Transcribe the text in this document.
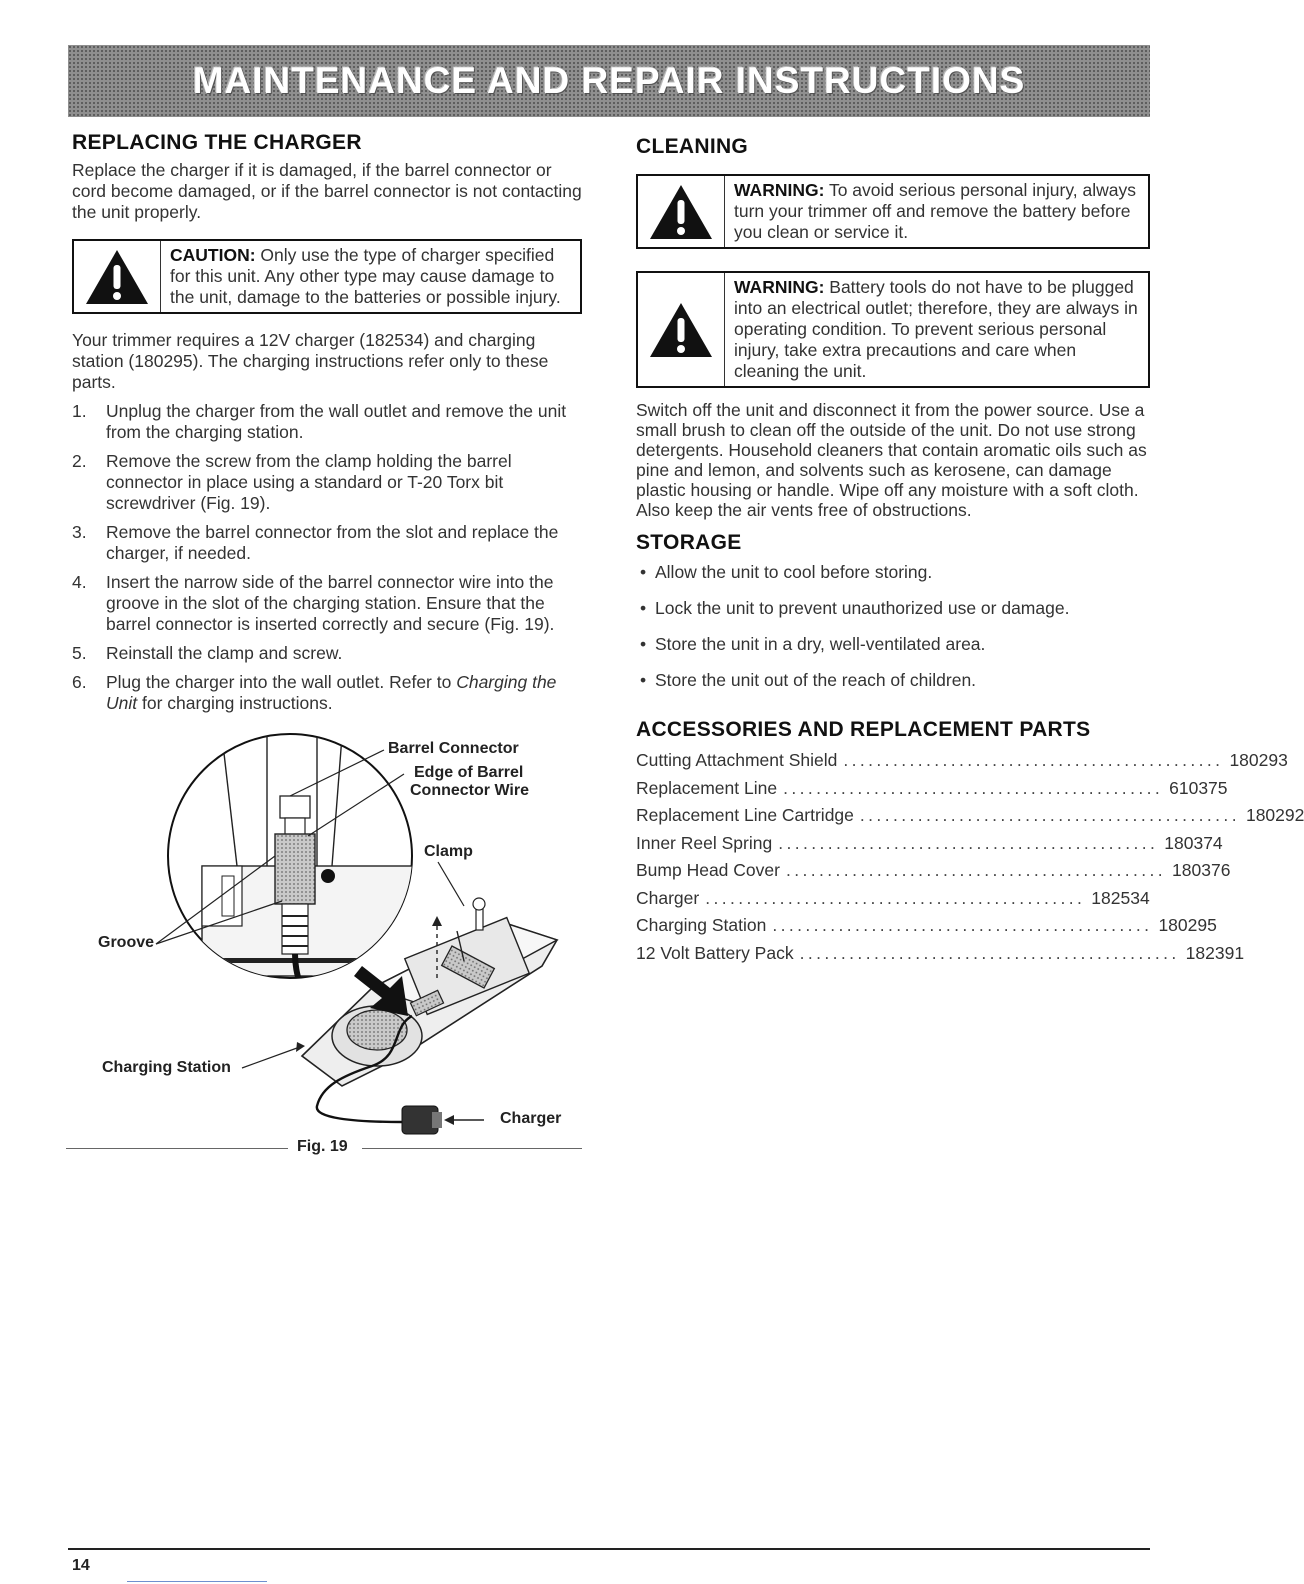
MAINTENANCE AND REPAIR INSTRUCTIONS
REPLACING THE CHARGER

Replace the charger if it is damaged, if the barrel connector or cord become damaged, or if the barrel connector is not contacting the unit properly.

CAUTION: Only use the type of charger specified for this unit. Any other type may cause damage to the unit, damage to the batteries or possible injury.

Your trimmer requires a 12V charger (182534) and charging station (180295). The charging instructions refer only to these parts.

1. Unplug the charger from the wall outlet and remove the unit from the charging station.
2. Remove the screw from the clamp holding the barrel connector in place using a standard or T-20 Torx bit screwdriver (Fig. 19).
3. Remove the barrel connector from the slot and replace the charger, if needed.
4. Insert the narrow side of the barrel connector wire into the groove in the slot of the charging station. Ensure that the barrel connector is inserted correctly and secure (Fig. 19).
5. Reinstall the clamp and screw.
6. Plug the charger into the wall outlet. Refer to Charging the Unit for charging instructions.
Barrel Connector
Edge of Barrel
Connector Wire
Clamp
Groove
Charging Station
Charger
Fig. 19
CLEANING
WARNING: To avoid serious personal injury, always turn your trimmer off and remove the battery before you clean or service it.
WARNING: Battery tools do not have to be plugged into an electrical outlet; therefore, they are always in operating condition. To prevent serious personal injury, take extra precautions and care when cleaning the unit.

Switch off the unit and disconnect it from the power source. Use a small brush to clean off the outside of the unit. Do not use strong detergents. Household cleaners that contain aromatic oils such as pine and lemon, and solvents such as kerosene, can damage plastic housing or handle. Wipe off any moisture with a soft cloth. Also keep the air vents free of obstructions.

STORAGE
• Allow the unit to cool before storing.
• Lock the unit to prevent unauthorized use or damage.
• Store the unit in a dry, well-ventilated area.
• Store the unit out of the reach of children.
ACCESSORIES AND REPLACEMENT PARTS
Cutting Attachment Shield .............................................. 180293
Replacement Line .............................................. 610375
Replacement Line Cartridge .............................................. 180292
Inner Reel Spring .............................................. 180374
Bump Head Cover .............................................. 180376
Charger .............................................. 182534
Charging Station .............................................. 180295
12 Volt Battery Pack .............................................. 182391
14
